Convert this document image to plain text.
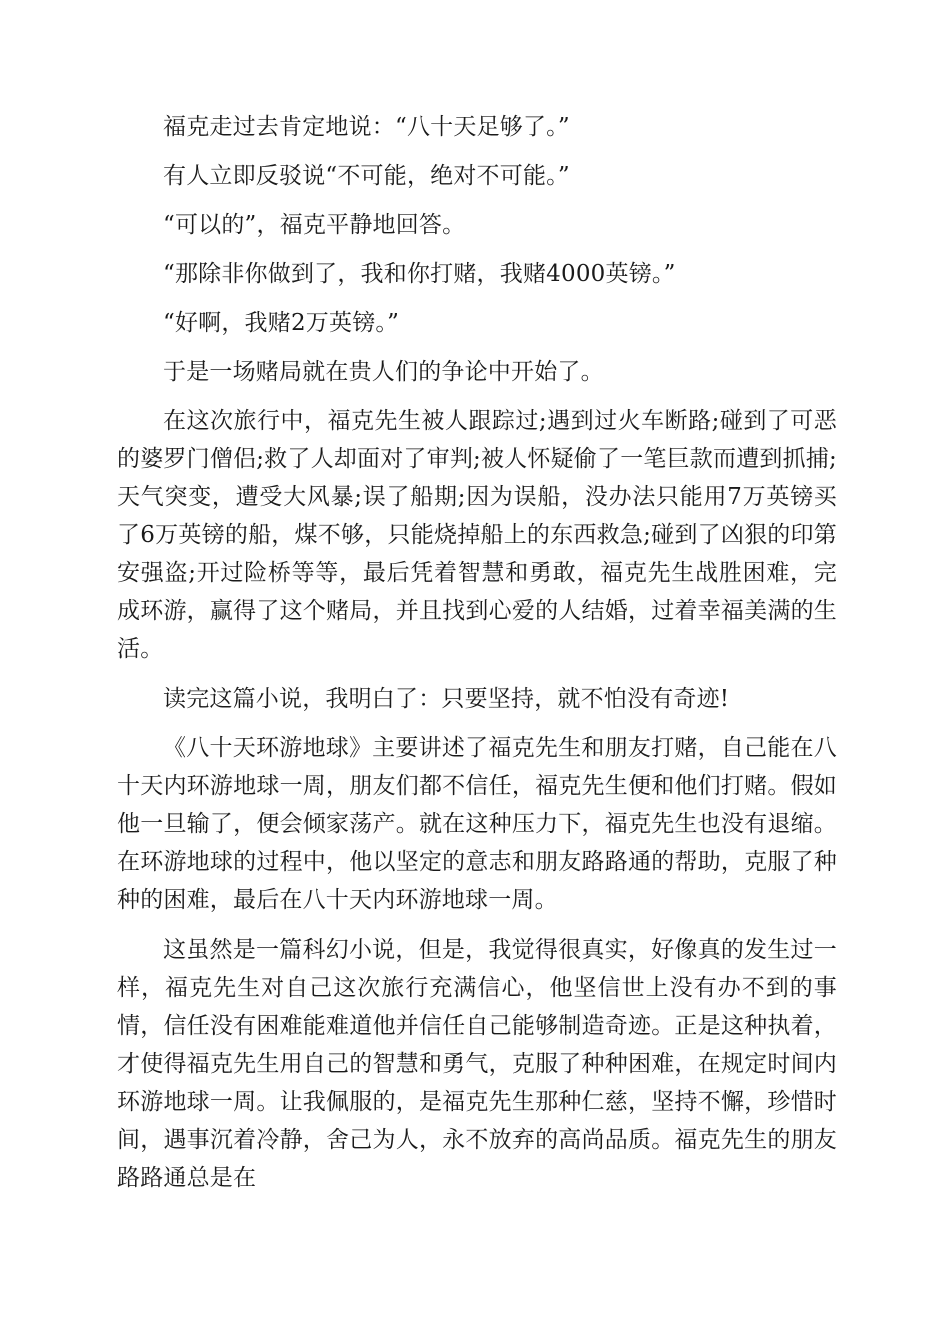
福克走过去肯定地说：“八十天足够了。”

有人立即反驳说“不可能，绝对不可能。”

“可以的”，福克平静地回答。

“那除非你做到了，我和你打赌，我赌4000英镑。”

“好啊，我赌2万英镑。”

于是一场赌局就在贵人们的争论中开始了。

在这次旅行中，福克先生被人跟踪过;遇到过火车断路;碰到了可恶的婆罗门僧侣;救了人却面对了审判;被人怀疑偷了一笔巨款而遭到抓捕;天气突变，遭受大风暴;误了船期;因为误船，没办法只能用7万英镑买了6万英镑的船，煤不够，只能烧掉船上的东西救急;碰到了凶狠的印第安强盗;开过险桥等等，最后凭着智慧和勇敢，福克先生战胜困难，完成环游，赢得了这个赌局，并且找到心爱的人结婚，过着幸福美满的生活。

读完这篇小说，我明白了：只要坚持，就不怕没有奇迹!

《八十天环游地球》主要讲述了福克先生和朋友打赌，自己能在八十天内环游地球一周，朋友们都不信任，福克先生便和他们打赌。假如他一旦输了，便会倾家荡产。就在这种压力下，福克先生也没有退缩。在环游地球的过程中，他以坚定的意志和朋友路路通的帮助，克服了种种的困难，最后在八十天内环游地球一周。

这虽然是一篇科幻小说，但是，我觉得很真实，好像真的发生过一样，福克先生对自己这次旅行充满信心，他坚信世上没有办不到的事情，信任没有困难能难道他并信任自己能够制造奇迹。正是这种执着，才使得福克先生用自己的智慧和勇气，克服了种种困难，在规定时间内环游地球一周。让我佩服的，是福克先生那种仁慈，坚持不懈，珍惜时间，遇事沉着冷静，舍己为人，永不放弃的高尚品质。福克先生的朋友路路通总是在
